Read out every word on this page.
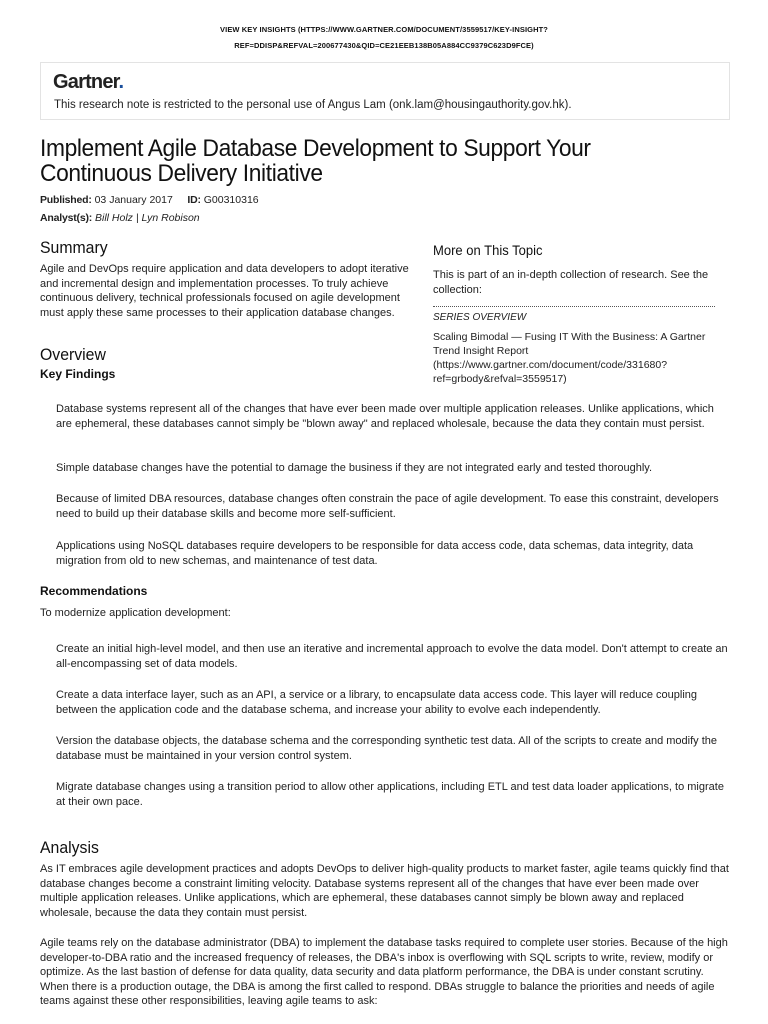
VIEW KEY INSIGHTS (HTTPS://WWW.GARTNER.COM/DOCUMENT/3559517/KEY-INSIGHT?
REF=DDISP&REFVAL=200677430&QID=CE21EEB138B05A884CC9379C623D9FCE)
Gartner.
This research note is restricted to the personal use of Angus Lam (onk.lam@housingauthority.gov.hk).
Implement Agile Database Development to Support Your Continuous Delivery Initiative
Published: 03 January 2017 ID: G00310316
Analyst(s): Bill Holz | Lyn Robison
Summary

Agile and DevOps require application and data developers to adopt iterative and incremental design and implementation processes. To truly achieve continuous delivery, technical professionals focused on agile development must apply these same processes to their application database changes.

More on This Topic

This is part of an in-depth collection of research. See the collection:

SERIES OVERVIEW
Scaling Bimodal — Fusing IT With the Business: A Gartner Trend Insight Report (https://www.gartner.com/document/code/331680?ref=grbody&refval=3559517)
Overview
Key Findings

Database systems represent all of the changes that have ever been made over multiple application releases. Unlike applications, which are ephemeral, these databases cannot simply be "blown away" and replaced wholesale, because the data they contain must persist.

Simple database changes have the potential to damage the business if they are not integrated early and tested thoroughly.

Because of limited DBA resources, database changes often constrain the pace of agile development. To ease this constraint, developers need to build up their database skills and become more self-sufficient.

Applications using NoSQL databases require developers to be responsible for data access code, data schemas, data integrity, data migration from old to new schemas, and maintenance of test data.

Recommendations

To modernize application development:

Create an initial high-level model, and then use an iterative and incremental approach to evolve the data model. Don't attempt to create an all-encompassing set of data models.

Create a data interface layer, such as an API, a service or a library, to encapsulate data access code. This layer will reduce coupling between the application code and the database schema, and increase your ability to evolve each independently.

Version the database objects, the database schema and the corresponding synthetic test data. All of the scripts to create and modify the database must be maintained in your version control system.

Migrate database changes using a transition period to allow other applications, including ETL and test data loader applications, to migrate at their own pace.

Analysis

As IT embraces agile development practices and adopts DevOps to deliver high-quality products to market faster, agile teams quickly find that database changes become a constraint limiting velocity. Database systems represent all of the changes that have ever been made over multiple application releases. Unlike applications, which are ephemeral, these databases cannot simply be blown away and replaced wholesale, because the data they contain must persist.

Agile teams rely on the database administrator (DBA) to implement the database tasks required to complete user stories. Because of the high developer-to-DBA ratio and the increased frequency of releases, the DBA's inbox is overflowing with SQL scripts to write, review, modify or optimize. As the last bastion of defense for data quality, data security and data platform performance, the DBA is under constant scrutiny. When there is a production outage, the DBA is among the first called to respond. DBAs struggle to balance the priorities and needs of agile teams against these other responsibilities, leaving agile teams to ask:
